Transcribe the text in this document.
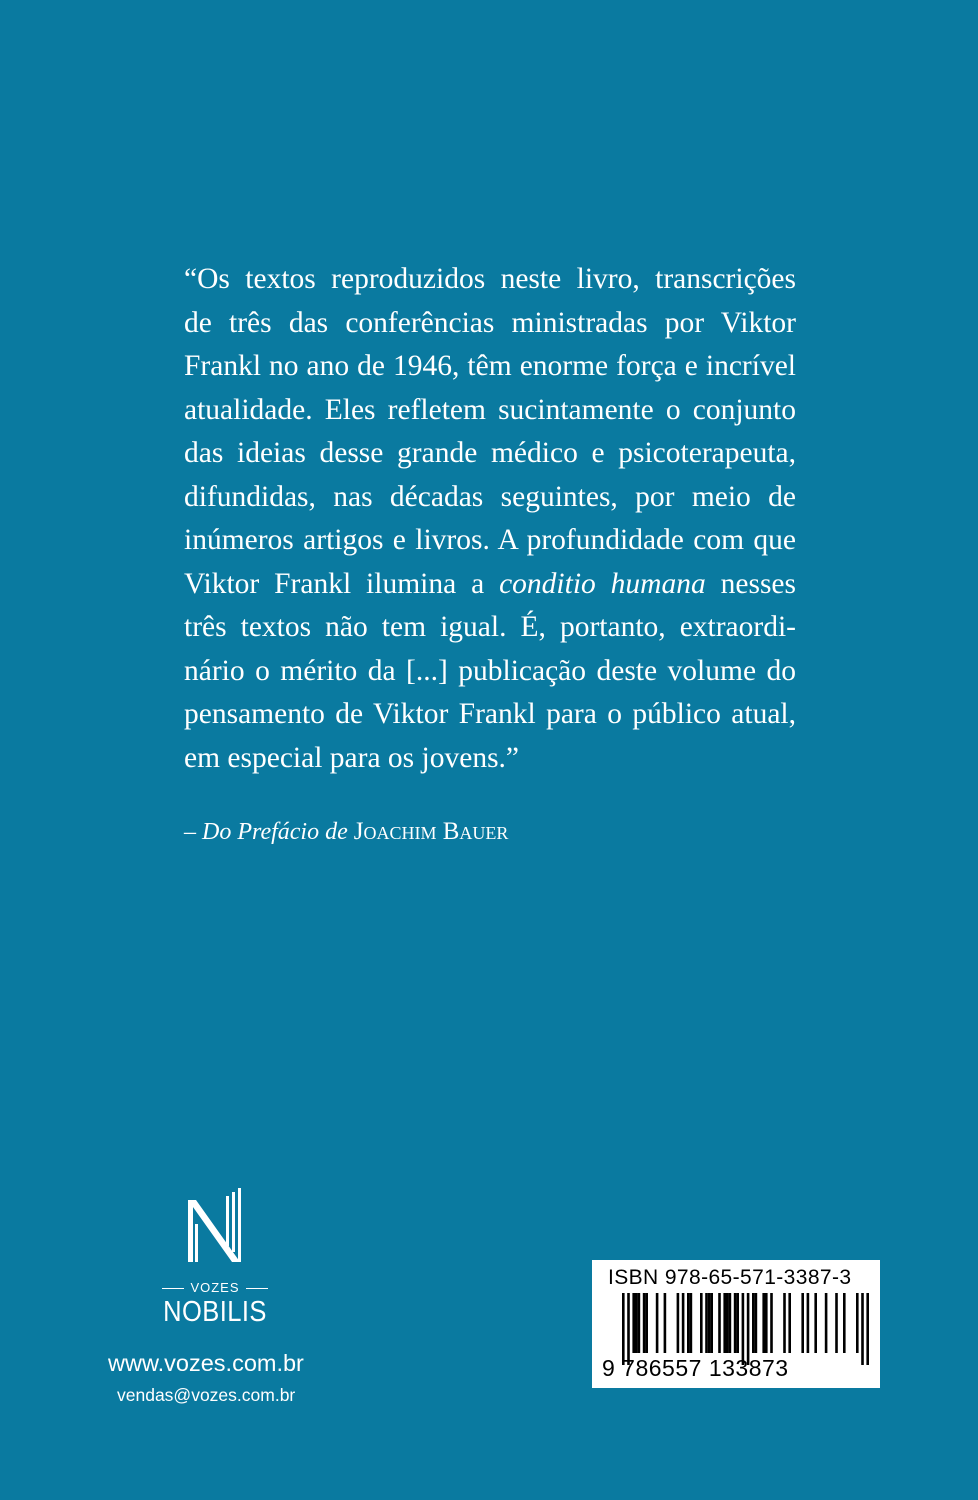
“Os textos reproduzidos neste livro, transcrições
de três das conferências ministradas por Viktor
Frankl no ano de 1946, têm enorme força e incrível
atualidade. Eles refletem sucintamente o conjunto
das ideias desse grande médico e psicoterapeuta,
difundidas, nas décadas seguintes, por meio de
inúmeros artigos e livros. A profundidade com que
Viktor Frankl ilumina a conditio humana nesses
três textos não tem igual. É, portanto, extraordi-
nário o mérito da [...] publicação deste volume do
pensamento de Viktor Frankl para o público atual,
em especial para os jovens.”
– Do Prefácio de Joachim Bauer
VOZES
NOBILIS
www.vozes.com.br
vendas@vozes.com.br
ISBN 978-65-571-3387-3
9 786557 133873
